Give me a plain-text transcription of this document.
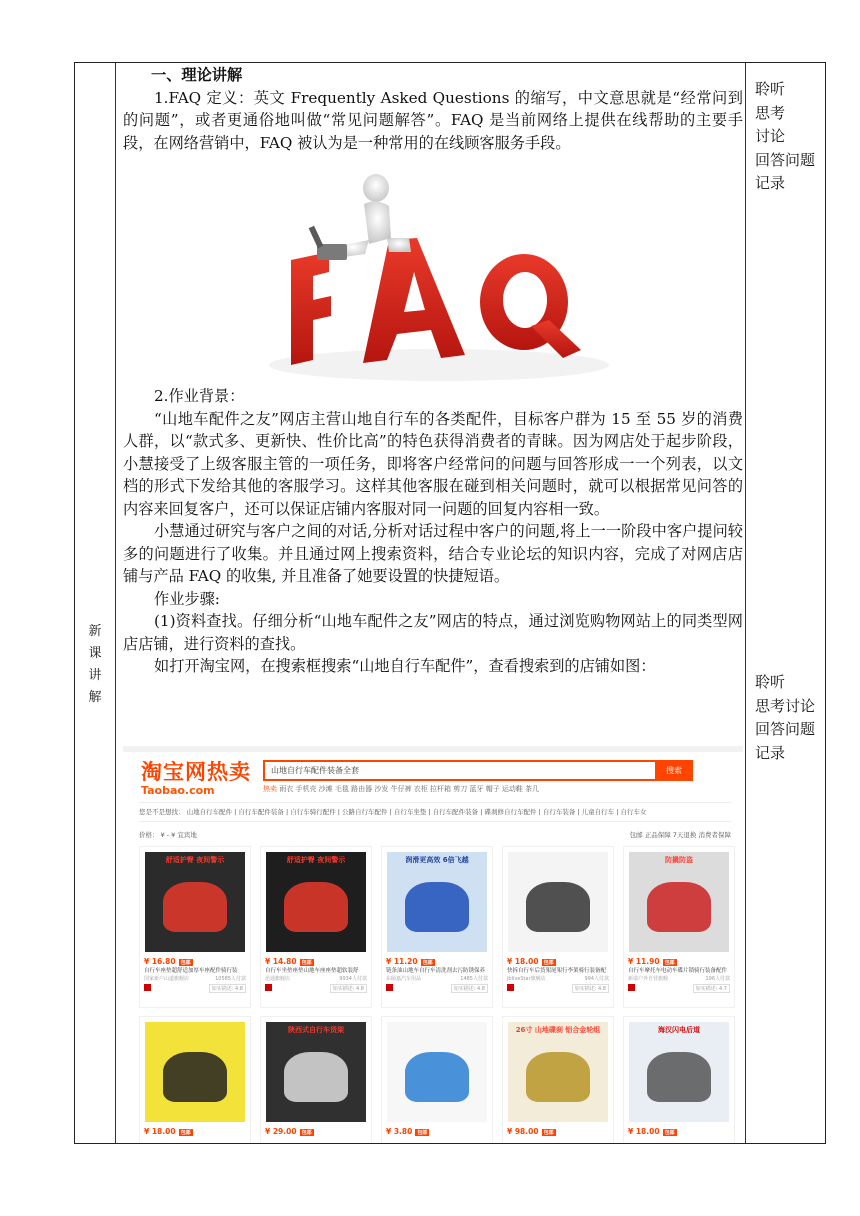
新
课
讲
解

一、理论讲解

1.FAQ 定义：英文 Frequently Asked Questions 的缩写，中文意思就是“经常问到的问题”，或者更通俗地叫做“常见问题解答”。FAQ 是当前网络上提供在线帮助的主要手段，在网络营销中，FAQ 被认为是一种常用的在线顾客服务手段。

FAQ

2.作业背景：

“山地车配件之友”网店主营山地自行车的各类配件，目标客户群为 15 至 55 岁的消费人群，以“款式多、更新快、性价比高”的特色获得消费者的青睐。因为网店处于起步阶段，小慧接受了上级客服主管的一项任务，即将客户经常问的问题与回答形成一一个列表，以文档的形式下发给其他的客服学习。这样其他客服在碰到相关问题时，就可以根据常见问答的内容来回复客户，还可以保证店铺内客服对同一问题的回复内容相一致。

小慧通过研究与客户之间的对话,分析对话过程中客户的问题,将上一一阶段中客户提问较多的问题进行了收集。并且通过网上搜索资料，结合专业论坛的知识内容，完成了对网店店铺与产品 FAQ 的收集, 并且准备了她要设置的快捷短语。

作业步骤:

(1)资料查找。仔细分析“山地车配件之友”网店的特点，通过浏览购物网站上的同类型网店店铺，进行资料的查找。

如打开淘宝网，在搜索框搜索“山地自行车配件”，查看搜索到的店铺如图：

聆听
思考
讨论
回答问题
记录
聆听
思考讨论
回答问题
记录
淘宝网热卖
Taobao.com
山地自行车配件装备全套	搜索
热卖 雨衣 手机壳 沙滩 毛毯 路由器 沙发 牛仔裤 衣柜 拉杆箱 剪刀 蓝牙 帽子 运动鞋 茶几
您是不是想找： 山地自行车配件 | 自行车配件装备 | 自行车骑行配件 | 公路自行车配件 | 自行车坐垫 | 自行车配件装备 | 碟刹修自行车配件 | 自行车装备 | 儿童自行车 | 自行车女
价格： ¥ - ¥ 宜宾地	包邮 正品保障 7天退换 消费者保障
舒适护臀 夜间警示
¥ 16.80 包邮
自行车座垫超舒适加厚车座配件骑行装
国家新户山道旗舰店	10585人付款
如实描述: 4.8
舒适护臀 夜间警示
¥ 14.80 包邮
自行车坐垫座垫山地车座座垫超软装舒
迅通旗舰店	9934人付款
如实描述: 4.8
润滑更高效 6倍飞越
¥ 11.20 包邮
链条油山地车自行车清洗剂去污防锈保养
东硕嘉汽车用品	1485人付款
如实描述: 4.8
¥ 18.00 包邮
快拆自行车后货架尾架行李架骑行装备配
jbliveStar旗舰店	994人付款
如实描述: 4.8
防撬防盗
¥ 11.90 包邮
自行车摩托车电动车碟片锁骑行装备配件
新瑞户外自营旗舰	196人付款
如实描述: 4.7
¥ 18.00 包邮
陕西式自行车货架
¥ 29.00 包邮	¥ 3.80 包邮
26寸 山地碟刹 铝合金轮组
¥ 98.00 包邮
海汉闪电后道
¥ 18.00 包邮
